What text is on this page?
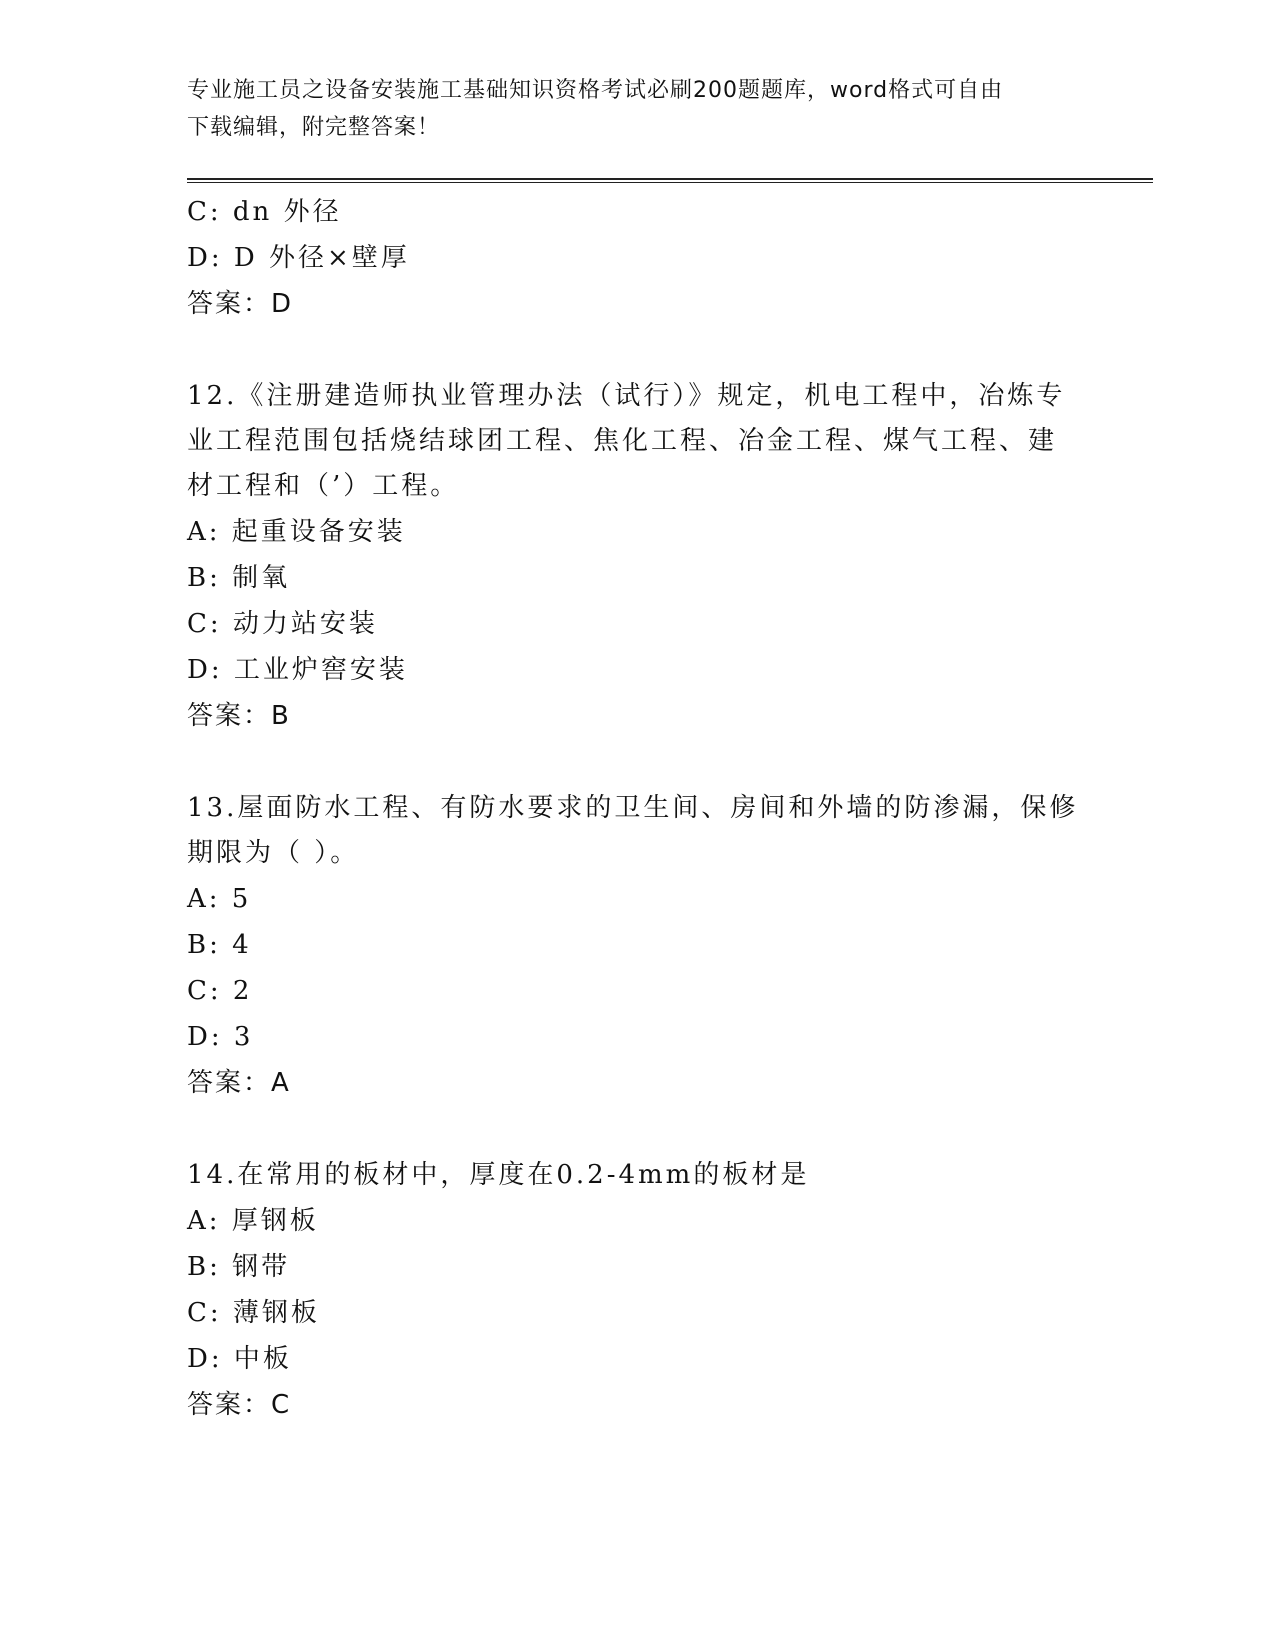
专业施工员之设备安装施工基础知识资格考试必刷200题题库，word格式可自由
下载编辑，附完整答案！

C: dn 外径

D: D 外径×壁厚

答案：D

12.《注册建造师执业管理办法（试行）》规定，机电工程中，冶炼专

业工程范围包括烧结球团工程、焦化工程、冶金工程、煤气工程、建

材工程和（’）工程。

A: 起重设备安装

B: 制氧

C: 动力站安装

D: 工业炉窖安装

答案：B

13.屋面防水工程、有防水要求的卫生间、房间和外墙的防渗漏，保修

期限为（ ）。

A: 5

B: 4

C: 2

D: 3

答案：A

14.在常用的板材中，厚度在0.2-4mm的板材是

A: 厚钢板

B: 钢带

C: 薄钢板

D: 中板

答案：C
